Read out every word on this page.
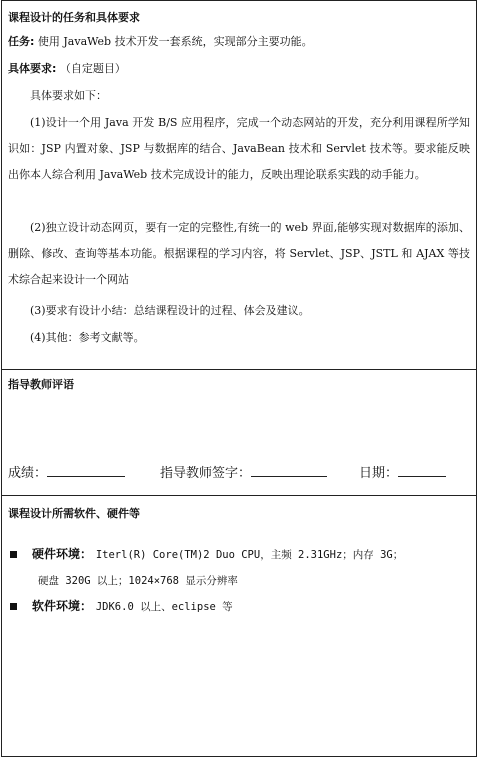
课程设计的任务和具体要求
任务: 使用 JavaWeb 技术开发一套系统，实现部分主要功能。
具体要求: （自定题目）
具体要求如下：
(1)设计一个用 Java 开发 B/S 应用程序，完成一个动态网站的开发，充分利用课程所学知识如：JSP 内置对象、JSP 与数据库的结合、JavaBean 技术和 Servlet 技术等。要求能反映出你本人综合利用 JavaWeb 技术完成设计的能力，反映出理论联系实践的动手能力。
(2)独立设计动态网页，要有一定的完整性,有统一的 web 界面,能够实现对数据库的添加、删除、修改、查询等基本功能。根据课程的学习内容，将 Servlet、JSP、JSTL 和 AJAX 等技术综合起来设计一个网站
(3)要求有设计小结：总结课程设计的过程、体会及建议。
(4)其他：参考文献等。
指导教师评语
成绩：	指导教师签字：	日期：
课程设计所需软件、硬件等
硬件环境： Iterl(R) Core(TM)2 Duo CPU，主频 2.31GHz；内存 3G；
硬盘 320G 以上；1024×768 显示分辨率
软件环境： JDK6.0 以上、eclipse 等
